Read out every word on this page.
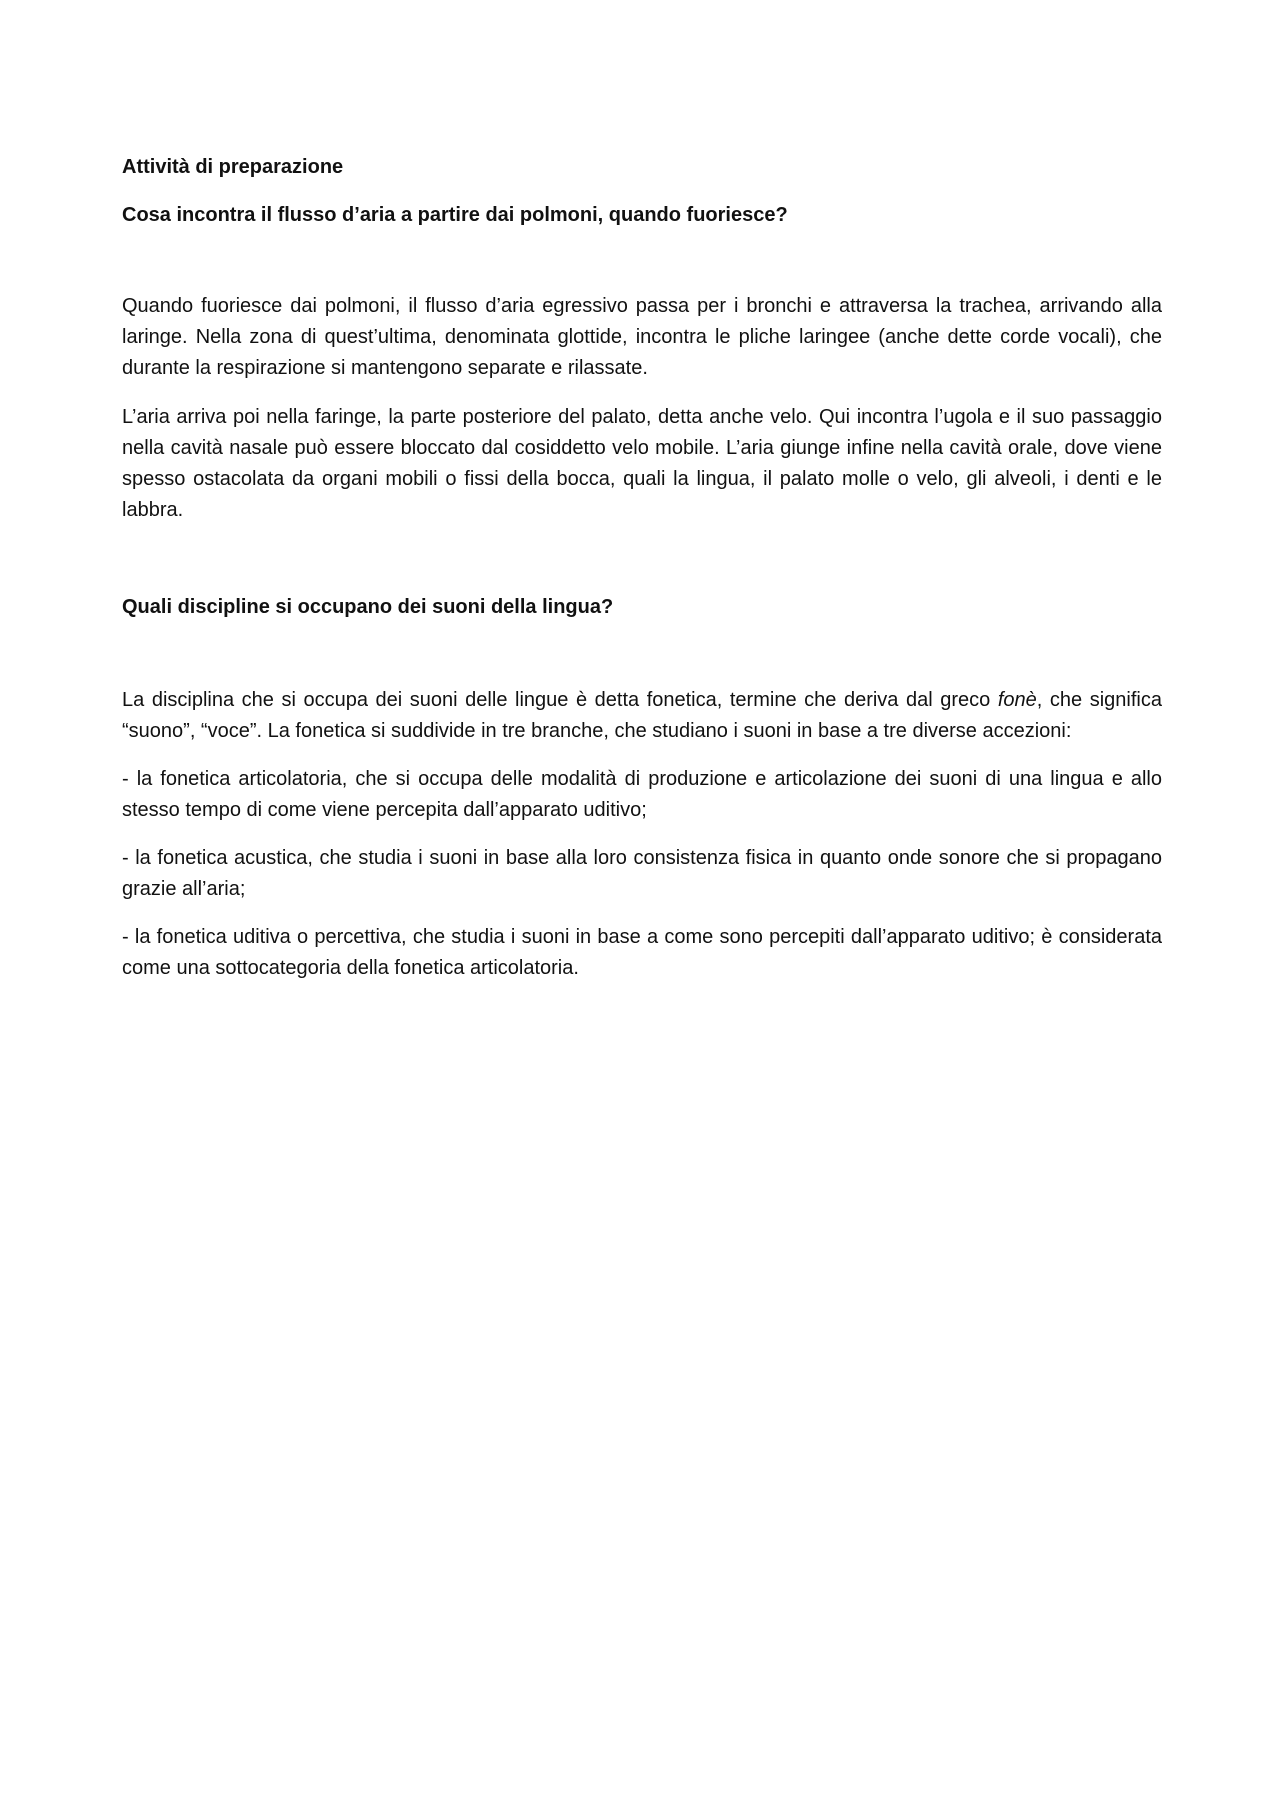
Attività di preparazione

Cosa incontra il flusso d’aria a partire dai polmoni, quando fuoriesce?

Quando fuoriesce dai polmoni, il flusso d’aria egressivo passa per i bronchi e attraversa la trachea, arrivando alla laringe. Nella zona di quest’ultima, denominata glottide, incontra le pliche laringee (anche dette corde vocali), che durante la respirazione si mantengono separate e rilassate.

L’aria arriva poi nella faringe, la parte posteriore del palato, detta anche velo. Qui incontra l’ugola e il suo passaggio nella cavità nasale può essere bloccato dal cosiddetto velo mobile. L’aria giunge infine nella cavità orale, dove viene spesso ostacolata da organi mobili o fissi della bocca, quali la lingua, il palato molle o velo, gli alveoli, i denti e le labbra.

Quali discipline si occupano dei suoni della lingua?

La disciplina che si occupa dei suoni delle lingue è detta fonetica, termine che deriva dal greco fonè, che significa “suono”, “voce”. La fonetica si suddivide in tre branche, che studiano i suoni in base a tre diverse accezioni:

- la fonetica articolatoria, che si occupa delle modalità di produzione e articolazione dei suoni di una lingua e allo stesso tempo di come viene percepita dall’apparato uditivo;

- la fonetica acustica, che studia i suoni in base alla loro consistenza fisica in quanto onde sonore che si propagano grazie all’aria;

- la fonetica uditiva o percettiva, che studia i suoni in base a come sono percepiti dall’apparato uditivo; è considerata come una sottocategoria della fonetica articolatoria.
